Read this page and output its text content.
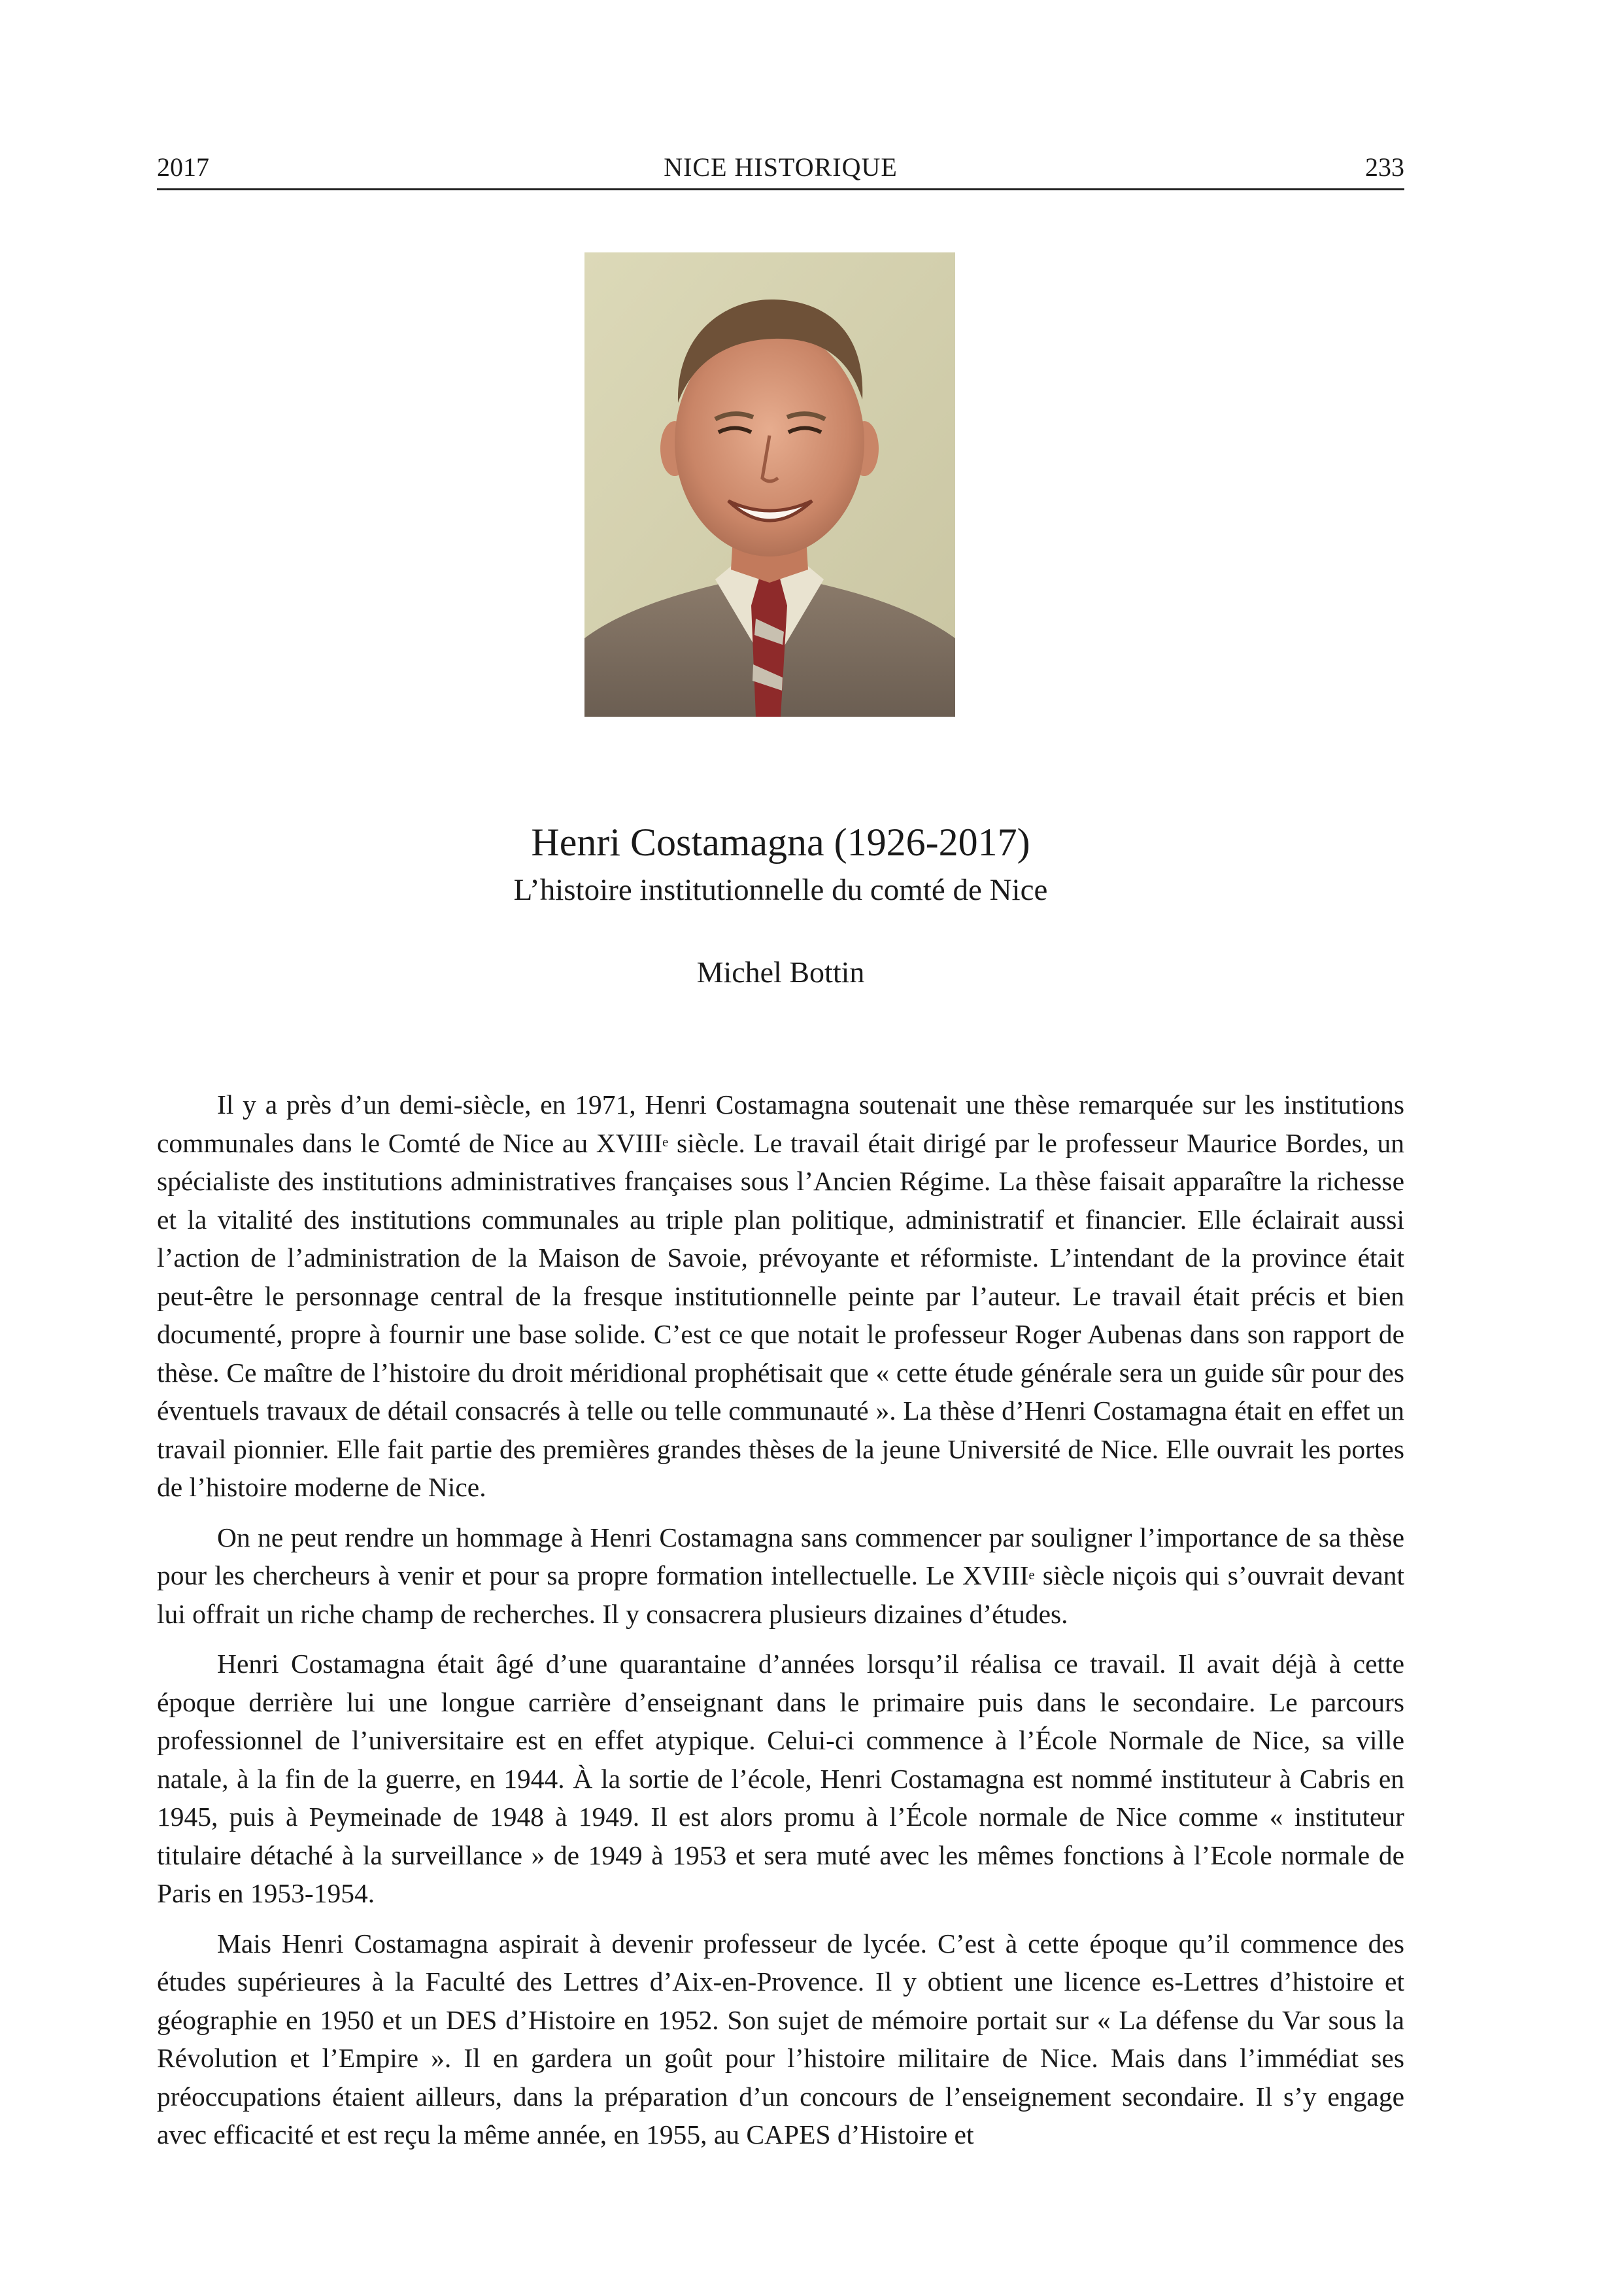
2017	NICE HISTORIQUE	233
Henri Costamagna (1926-2017)
L’histoire institutionnelle du comté de Nice
Michel Bottin

Il y a près d’un demi-siècle, en 1971, Henri Costamagna soutenait une thèse remarquée sur les institutions communales dans le Comté de Nice au XVIIIe siècle. Le travail était dirigé par le professeur Maurice Bordes, un spécialiste des institutions administratives françaises sous l’Ancien Régime. La thèse faisait apparaître la richesse et la vitalité des institutions communales au triple plan politique, administratif et financier. Elle éclairait aussi l’action de l’administration de la Maison de Savoie, prévoyante et réformiste. L’intendant de la province était peut-être le personnage central de la fresque institutionnelle peinte par l’auteur. Le travail était précis et bien documenté, propre à fournir une base solide. C’est ce que notait le professeur Roger Aubenas dans son rapport de thèse. Ce maître de l’histoire du droit méridional prophétisait que « cette étude générale sera un guide sûr pour des éventuels travaux de détail consacrés à telle ou telle communauté ». La thèse d’Henri Costamagna était en effet un travail pionnier. Elle fait partie des premières grandes thèses de la jeune Université de Nice. Elle ouvrait les portes de l’histoire moderne de Nice.

On ne peut rendre un hommage à Henri Costamagna sans commencer par souligner l’importance de sa thèse pour les chercheurs à venir et pour sa propre formation intellectuelle. Le XVIIIe siècle niçois qui s’ouvrait devant lui offrait un riche champ de recherches. Il y consacrera plusieurs dizaines d’études.

Henri Costamagna était âgé d’une quarantaine d’années lorsqu’il réalisa ce travail. Il avait déjà à cette époque derrière lui une longue carrière d’enseignant dans le primaire puis dans le secondaire. Le parcours professionnel de l’universitaire est en effet atypique. Celui-ci commence à l’École Normale de Nice, sa ville natale, à la fin de la guerre, en 1944. À la sortie de l’école, Henri Costamagna est nommé instituteur à Cabris en 1945, puis à Peymeinade de 1948 à 1949. Il est alors promu à l’École normale de Nice comme « instituteur titulaire détaché à la surveillance » de 1949 à 1953 et sera muté avec les mêmes fonctions à l’Ecole normale de Paris en 1953-1954.

Mais Henri Costamagna aspirait à devenir professeur de lycée. C’est à cette époque qu’il commence des études supérieures à la Faculté des Lettres d’Aix-en-Provence. Il y obtient une licence es-Lettres d’histoire et géographie en 1950 et un DES d’Histoire en 1952. Son sujet de mémoire portait sur « La défense du Var sous la Révolution et l’Empire ». Il en gardera un goût pour l’histoire militaire de Nice. Mais dans l’immédiat ses préoccupations étaient ailleurs, dans la préparation d’un concours de l’enseignement secondaire. Il s’y engage avec efficacité et est reçu la même année, en 1955, au CAPES d’Histoire et
